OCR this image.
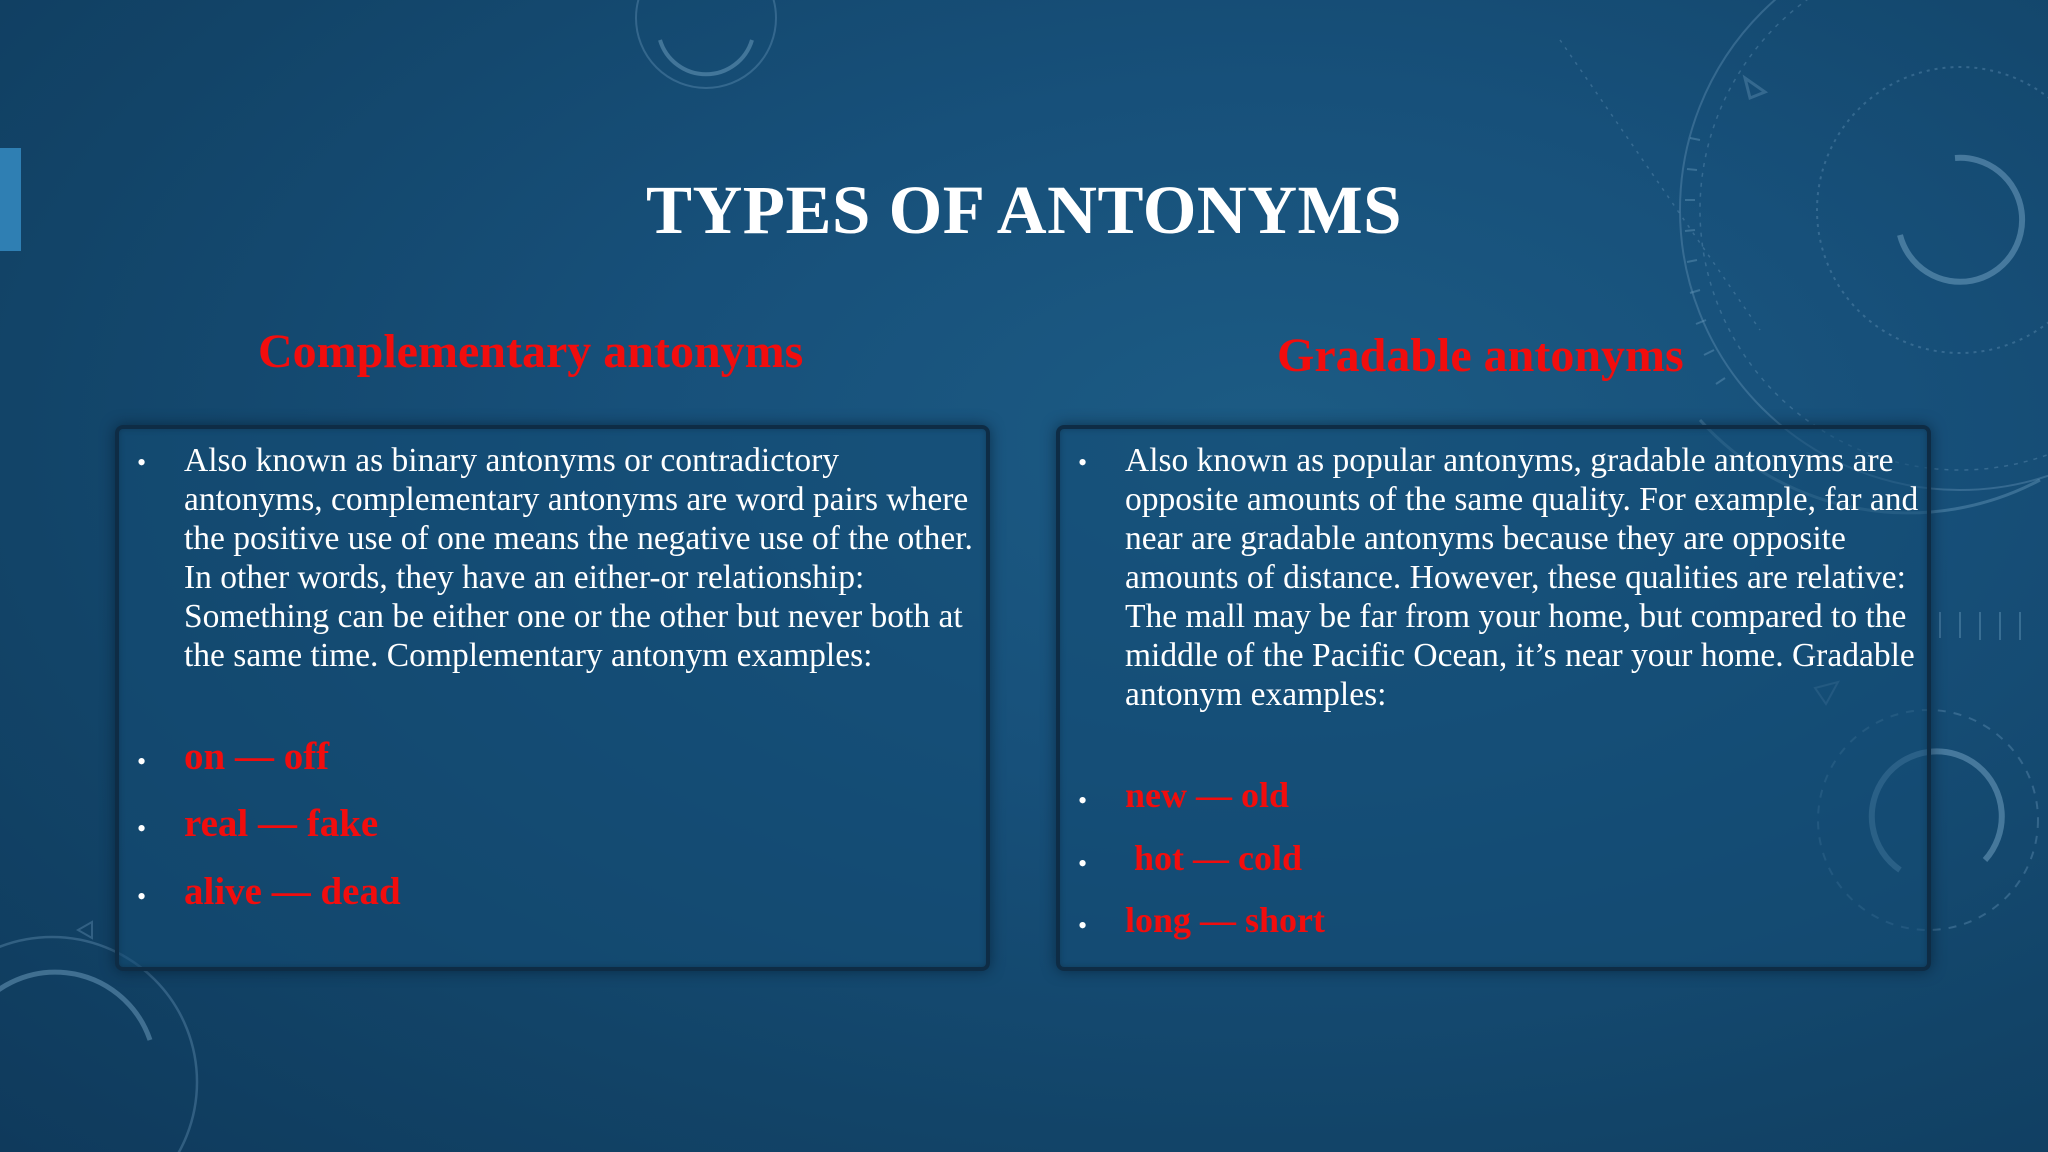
TYPES OF ANTONYMS
Complementary antonyms	Gradable antonyms
• Also known as binary antonyms or contradictory antonyms, complementary antonyms are word pairs where the positive use of one means the negative use of the other. In other words, they have an either-or relationship: Something can be either one or the other but never both at the same time. Complementary antonym examples:
• on — off
• real — fake
• alive — dead
• Also known as popular antonyms, gradable antonyms are opposite amounts of the same quality. For example, far and near are gradable antonyms because they are opposite amounts of distance. However, these qualities are relative: The mall may be far from your home, but compared to the middle of the Pacific Ocean, it’s near your home. Gradable antonym examples:
• new — old
• hot — cold
• long — short
